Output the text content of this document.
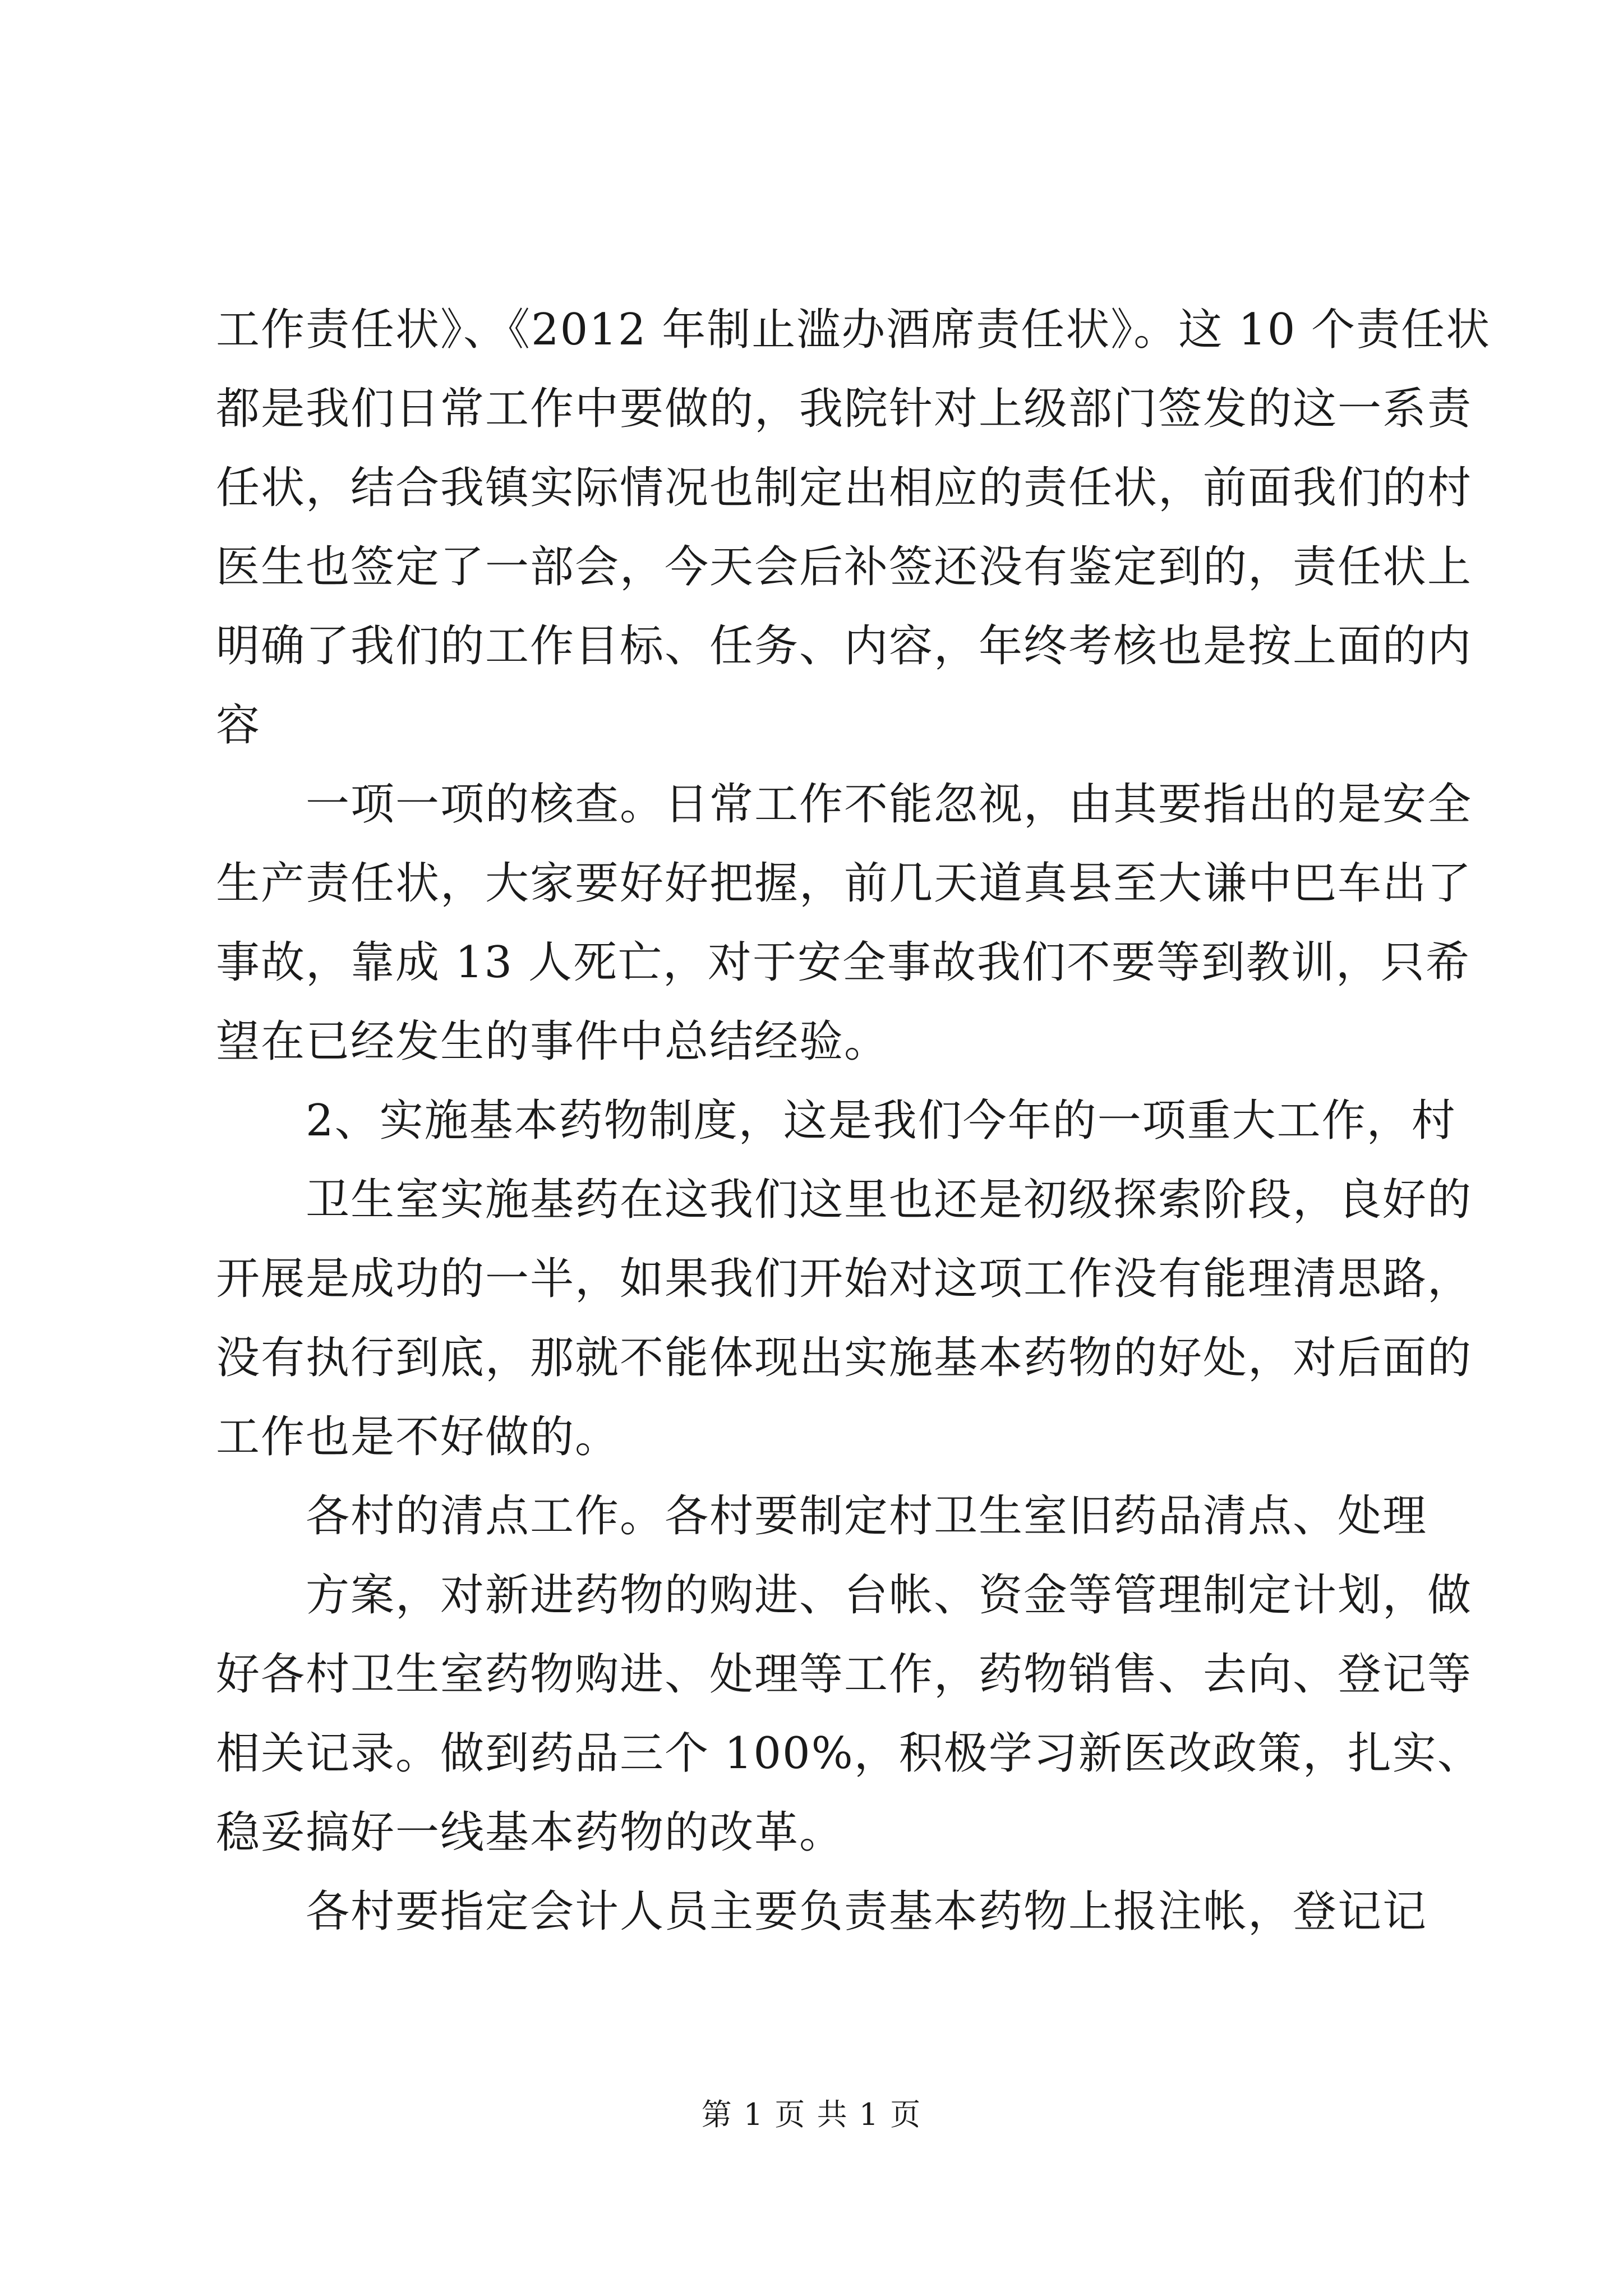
工作责任状》、《2012 年制止滥办酒席责任状》。这 10 个责任状
都是我们日常工作中要做的，我院针对上级部门签发的这一系责
任状，结合我镇实际情况也制定出相应的责任状，前面我们的村
医生也签定了一部会，今天会后补签还没有鉴定到的，责任状上
明确了我们的工作目标、任务、内容，年终考核也是按上面的内
容
　　一项一项的核查。日常工作不能忽视，由其要指出的是安全
生产责任状，大家要好好把握，前几天道真县至大谦中巴车出了
事故，靠成 13 人死亡，对于安全事故我们不要等到教训，只希
望在已经发生的事件中总结经验。
　　2、实施基本药物制度，这是我们今年的一项重大工作，村
　　卫生室实施基药在这我们这里也还是初级探索阶段，良好的
开展是成功的一半，如果我们开始对这项工作没有能理清思路，
没有执行到底，那就不能体现出实施基本药物的好处，对后面的
工作也是不好做的。
　　各村的清点工作。各村要制定村卫生室旧药品清点、处理
　　方案，对新进药物的购进、台帐、资金等管理制定计划，做
好各村卫生室药物购进、处理等工作，药物销售、去向、登记等
相关记录。做到药品三个 100%，积极学习新医改政策，扎实、
稳妥搞好一线基本药物的改革。
　　各村要指定会计人员主要负责基本药物上报注帐，登记记
第 1 页 共 1 页
